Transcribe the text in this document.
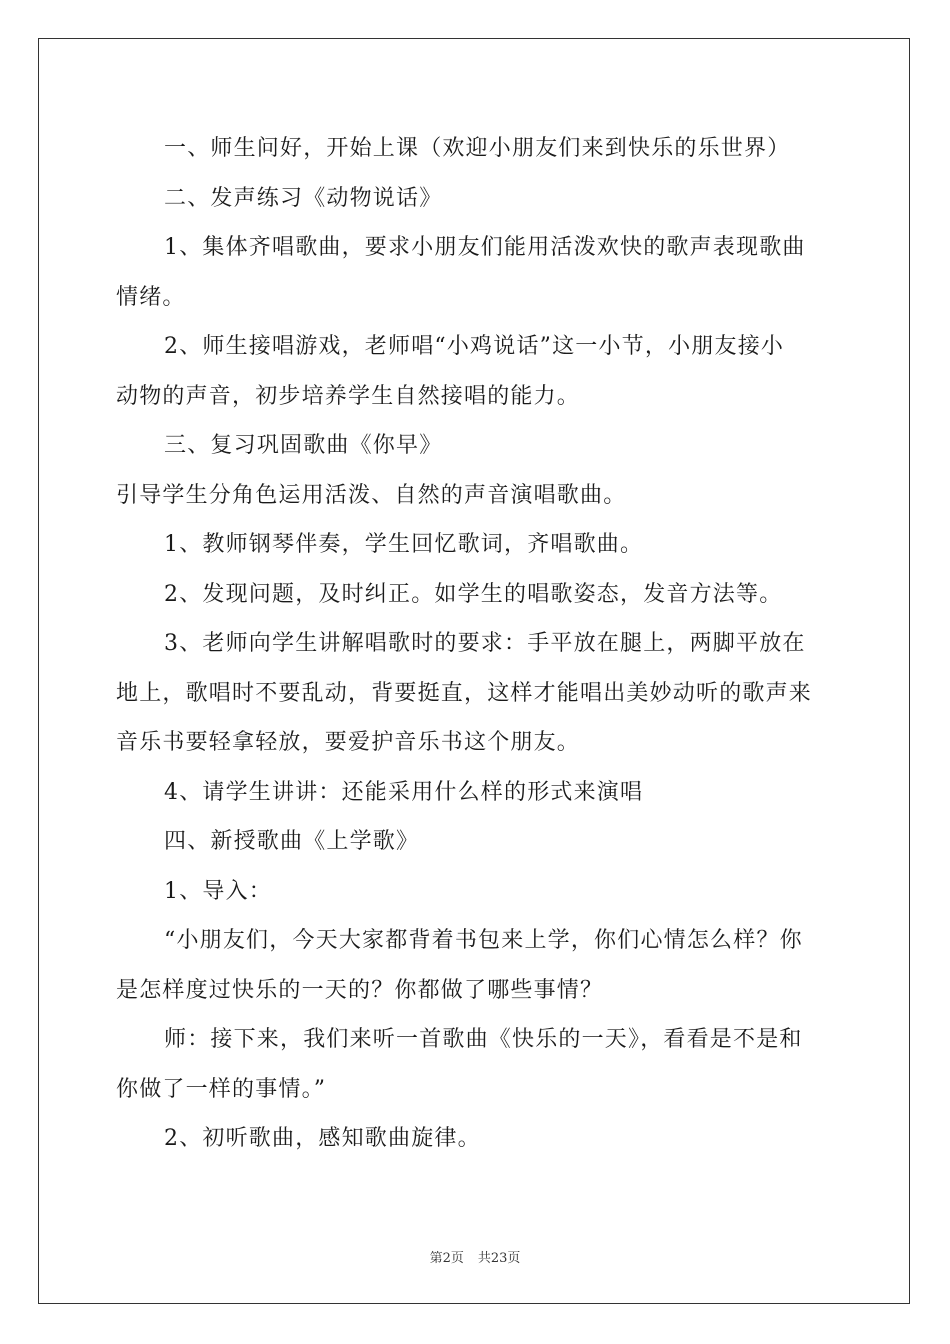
一、师生问好，开始上课（欢迎小朋友们来到快乐的乐世界）

二、发声练习《动物说话》

1、集体齐唱歌曲，要求小朋友们能用活泼欢快的歌声表现歌曲

情绪。

2、师生接唱游戏，老师唱“小鸡说话”这一小节，小朋友接小

动物的声音，初步培养学生自然接唱的能力。

三、复习巩固歌曲《你早》

引导学生分角色运用活泼、自然的声音演唱歌曲。

1、教师钢琴伴奏，学生回忆歌词，齐唱歌曲。

2、发现问题，及时纠正。如学生的唱歌姿态，发音方法等。

3、老师向学生讲解唱歌时的要求：手平放在腿上，两脚平放在

地上，歌唱时不要乱动，背要挺直，这样才能唱出美妙动听的歌声来

音乐书要轻拿轻放，要爱护音乐书这个朋友。

4、请学生讲讲：还能采用什么样的形式来演唱

四、新授歌曲《上学歌》

1、导入：

“小朋友们，今天大家都背着书包来上学，你们心情怎么样？你

是怎样度过快乐的一天的？你都做了哪些事情？

师：接下来，我们来听一首歌曲《快乐的一天》，看看是不是和

你做了一样的事情。”

2、初听歌曲，感知歌曲旋律。

第2页 共23页
